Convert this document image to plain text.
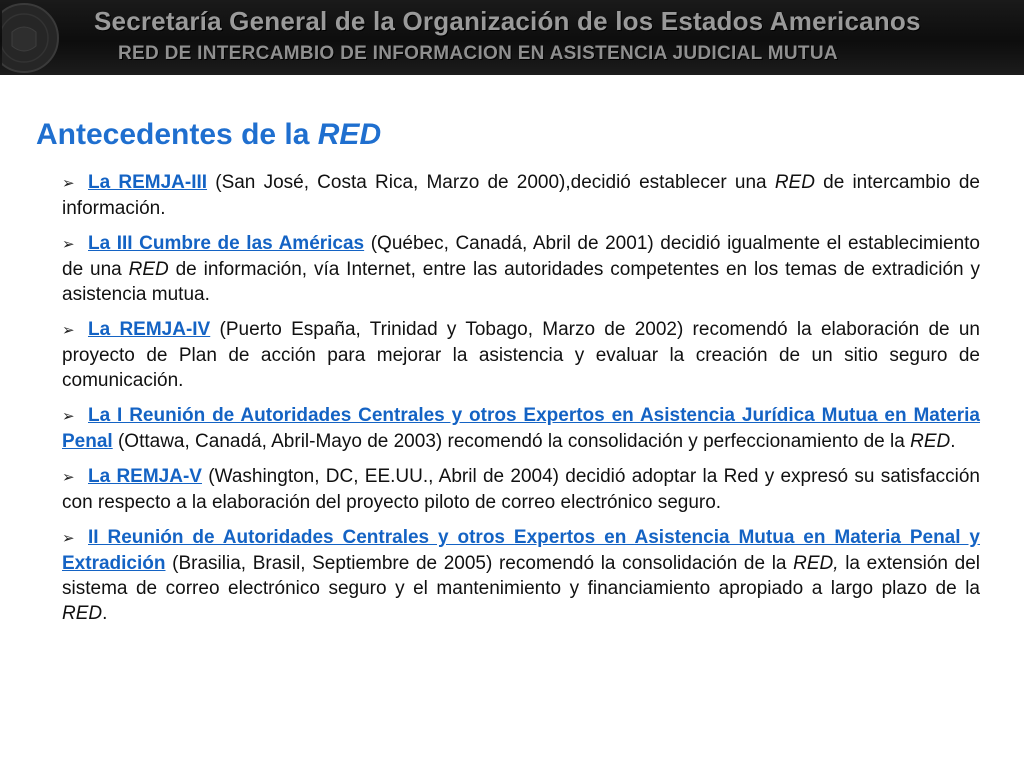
Secretaría General de la Organización de los Estados Americanos
RED DE INTERCAMBIO DE INFORMACION EN ASISTENCIA JUDICIAL MUTUA
Antecedentes de la RED

➢ La REMJA-III (San José, Costa Rica, Marzo de 2000),decidió establecer una RED de intercambio de información.

➢ La III Cumbre de las Américas (Québec, Canadá, Abril de 2001) decidió igualmente el establecimiento de una RED de información, vía Internet, entre las autoridades competentes en los temas de extradición y asistencia mutua.

➢ La REMJA-IV (Puerto España, Trinidad y Tobago, Marzo de 2002) recomendó la elaboración de un proyecto de Plan de acción para mejorar la asistencia y evaluar la creación de un sitio seguro de comunicación.

➢ La I Reunión de Autoridades Centrales y otros Expertos en Asistencia Jurídica Mutua en Materia Penal (Ottawa, Canadá, Abril-Mayo de 2003) recomendó la consolidación y perfeccionamiento de la RED.

➢ La REMJA-V (Washington, DC, EE.UU., Abril de 2004) decidió adoptar la Red y expresó su satisfacción con respecto a la elaboración del proyecto piloto de correo electrónico seguro.

➢ II Reunión de Autoridades Centrales y otros Expertos en Asistencia Mutua en Materia Penal y Extradición (Brasilia, Brasil, Septiembre de 2005) recomendó la consolidación de la RED, la extensión del sistema de correo electrónico seguro y el mantenimiento y financiamiento apropiado a largo plazo de la RED.
